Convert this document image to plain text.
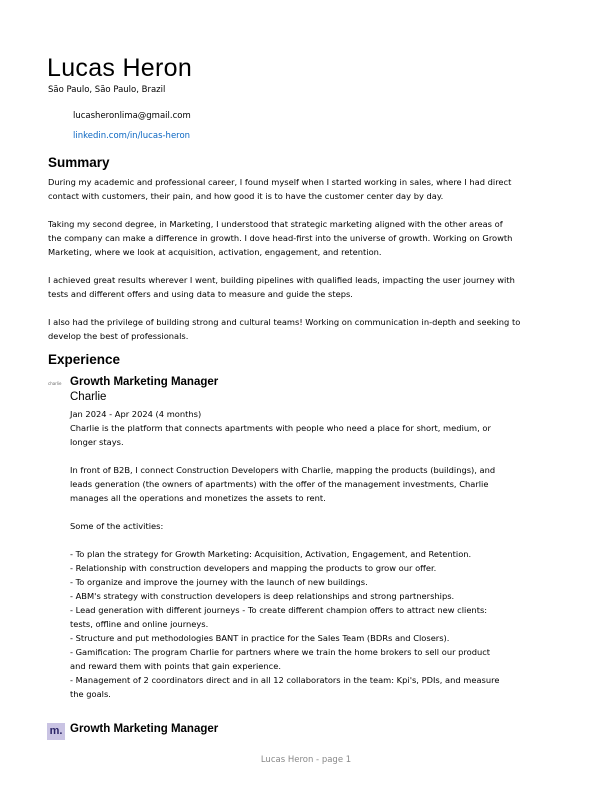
Lucas Heron
São Paulo, São Paulo, Brazil
lucasheronlima@gmail.com
linkedin.com/in/lucas-heron
Summary
During my academic and professional career, I found myself when I started working in sales, where I had direct
contact with customers, their pain, and how good it is to have the customer center day by day.
Taking my second degree, in Marketing, I understood that strategic marketing aligned with the other areas of
the company can make a difference in growth. I dove head-first into the universe of growth. Working on Growth
Marketing, where we look at acquisition, activation, engagement, and retention.
I achieved great results wherever I went, building pipelines with qualified leads, impacting the user journey with
tests and different offers and using data to measure and guide the steps.
I also had the privilege of building strong and cultural teams! Working on communication in-depth and seeking to
develop the best of professionals.
Experience
charlie Growth Marketing Manager
Charlie
Jan 2024 - Apr 2024 (4 months)
Charlie is the platform that connects apartments with people who need a place for short, medium, or
longer stays.
In front of B2B, I connect Construction Developers with Charlie, mapping the products (buildings), and
leads generation (the owners of apartments) with the offer of the management investments, Charlie
manages all the operations and monetizes the assets to rent.
Some of the activities:
- To plan the strategy for Growth Marketing: Acquisition, Activation, Engagement, and Retention.
- Relationship with construction developers and mapping the products to grow our offer.
- To organize and improve the journey with the launch of new buildings.
- ABM's strategy with construction developers is deep relationships and strong partnerships.
- Lead generation with different journeys - To create different champion offers to attract new clients:
tests, offline and online journeys.
- Structure and put methodologies BANT in practice for the Sales Team (BDRs and Closers).
- Gamification: The program Charlie for partners where we train the home brokers to sell our product
and reward them with points that gain experience.
- Management of 2 coordinators direct and in all 12 collaborators in the team: Kpi's, PDIs, and measure
the goals.
m. Growth Marketing Manager
Lucas Heron - page 1
